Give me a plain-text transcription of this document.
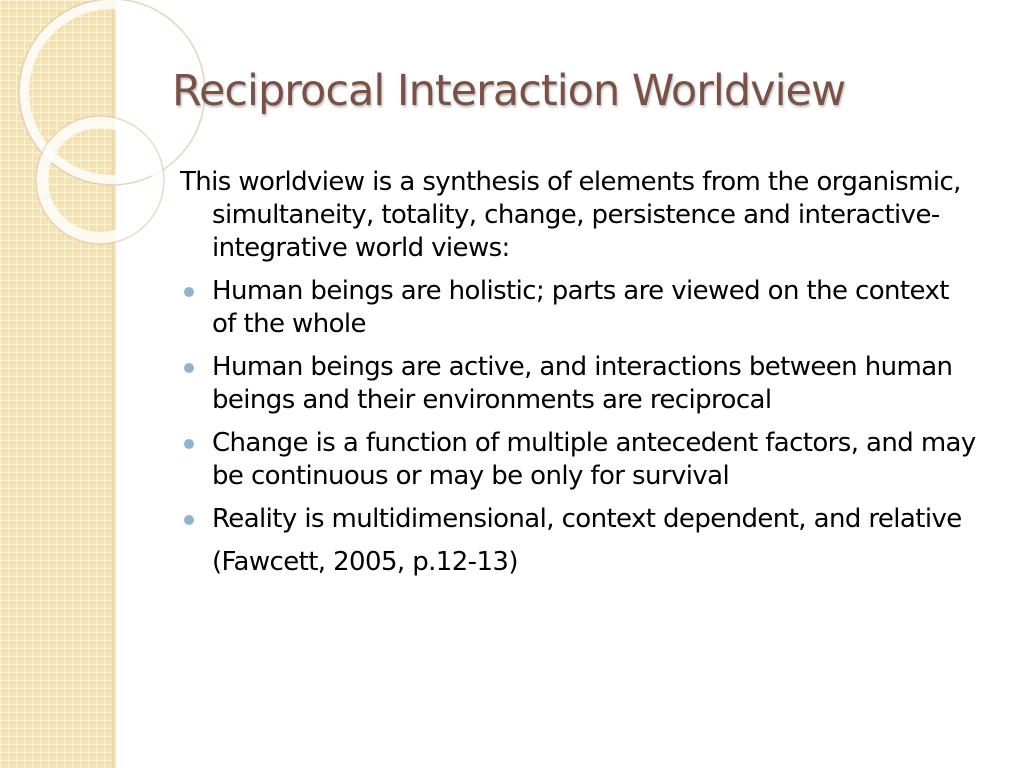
Reciprocal Interaction Worldview

This worldview is a synthesis of elements from the organismic, simultaneity, totality, change, persistence and interactive-integrative world views:

Human beings are holistic; parts are viewed on the context of the whole
Human beings are active, and interactions between human beings and their environments are reciprocal
Change is a function of multiple antecedent factors, and may be continuous or may be only for survival
Reality is multidimensional, context dependent, and relative

(Fawcett, 2005, p.12-13)
